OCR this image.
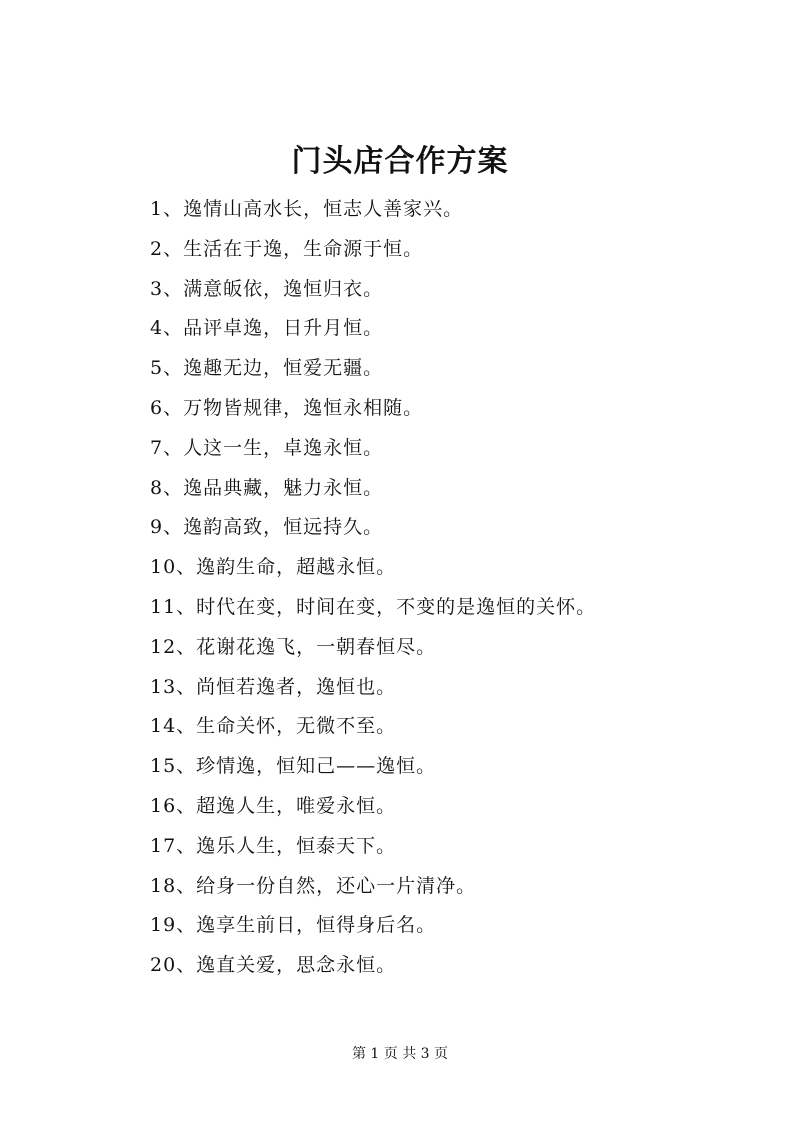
门头店合作方案
1、逸情山高水长，恒志人善家兴。
2、生活在于逸，生命源于恒。
3、满意皈依，逸恒归衣。
4、品评卓逸，日升月恒。
5、逸趣无边，恒爱无疆。
6、万物皆规律，逸恒永相随。
7、人这一生，卓逸永恒。
8、逸品典藏，魅力永恒。
9、逸韵高致，恒远持久。
10、逸韵生命，超越永恒。
11、时代在变，时间在变，不变的是逸恒的关怀。
12、花谢花逸飞，一朝春恒尽。
13、尚恒若逸者，逸恒也。
14、生命关怀，无微不至。
15、珍情逸，恒知己——逸恒。
16、超逸人生，唯爱永恒。
17、逸乐人生，恒泰天下。
18、给身一份自然，还心一片清净。
19、逸享生前日，恒得身后名。
20、逸直关爱，思念永恒。
第 1 页 共 3 页
